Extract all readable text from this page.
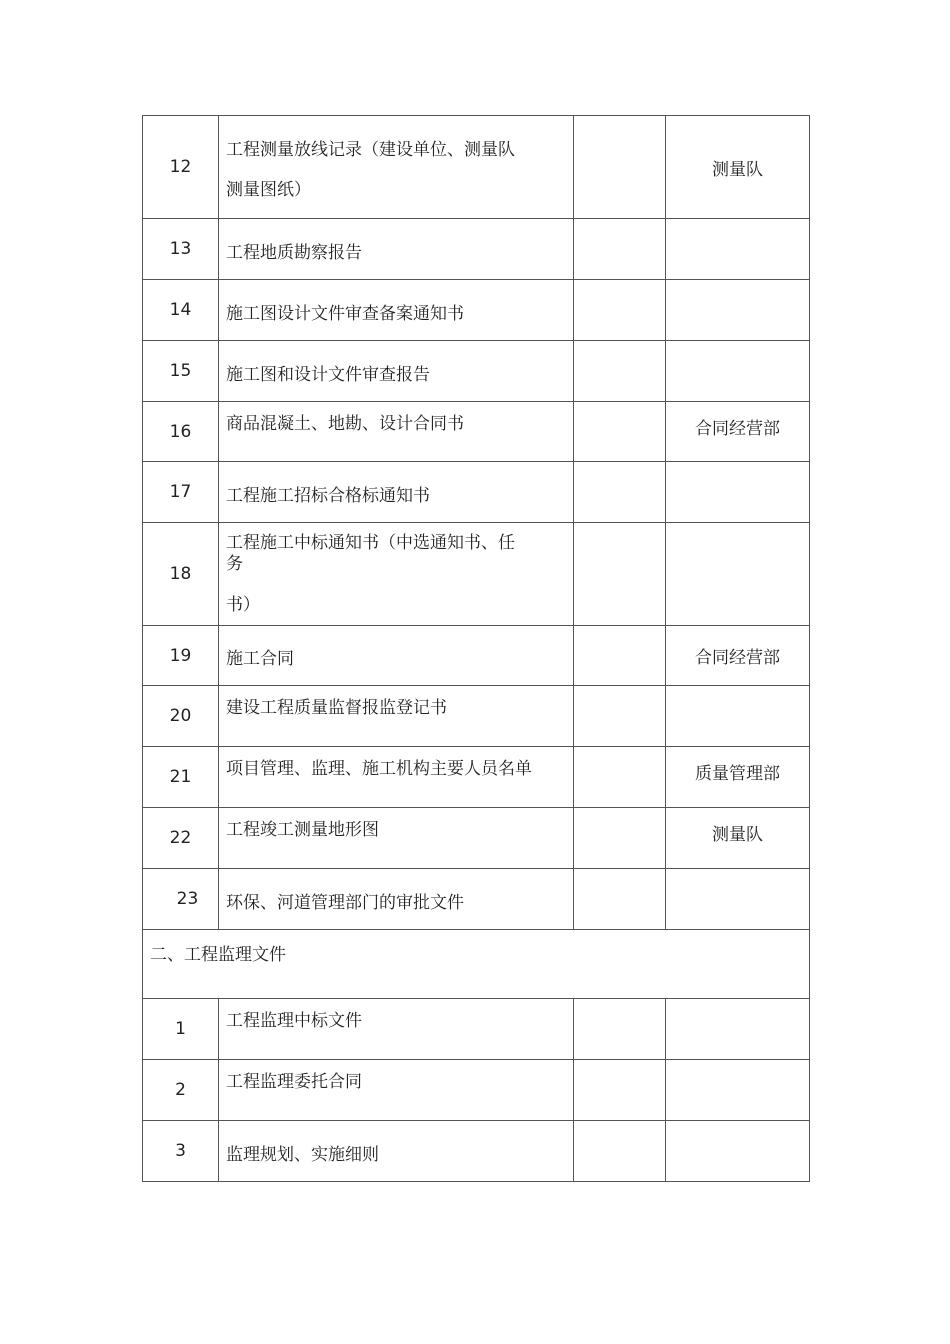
12	工程测量放线记录（建设单位、测量队
测量图纸）		测量队
13	工程地质勘察报告		
14	施工图设计文件审查备案通知书		
15	施工图和设计文件审查报告		
16	商品混凝土、地勘、设计合同书		合同经营部
17	工程施工招标合格标通知书		
18	工程施工中标通知书（中选通知书、任
务
书）		

19	施工合同		合同经营部
20	建设工程质量监督报监登记书		
21	项目管理、监理、施工机构主要人员名单		质量管理部
22	工程竣工测量地形图		测量队
23	环保、河道管理部门的审批文件		
二、工程监理文件			
1	工程监理中标文件		
2	工程监理委托合同		
3	监理规划、实施细则		
